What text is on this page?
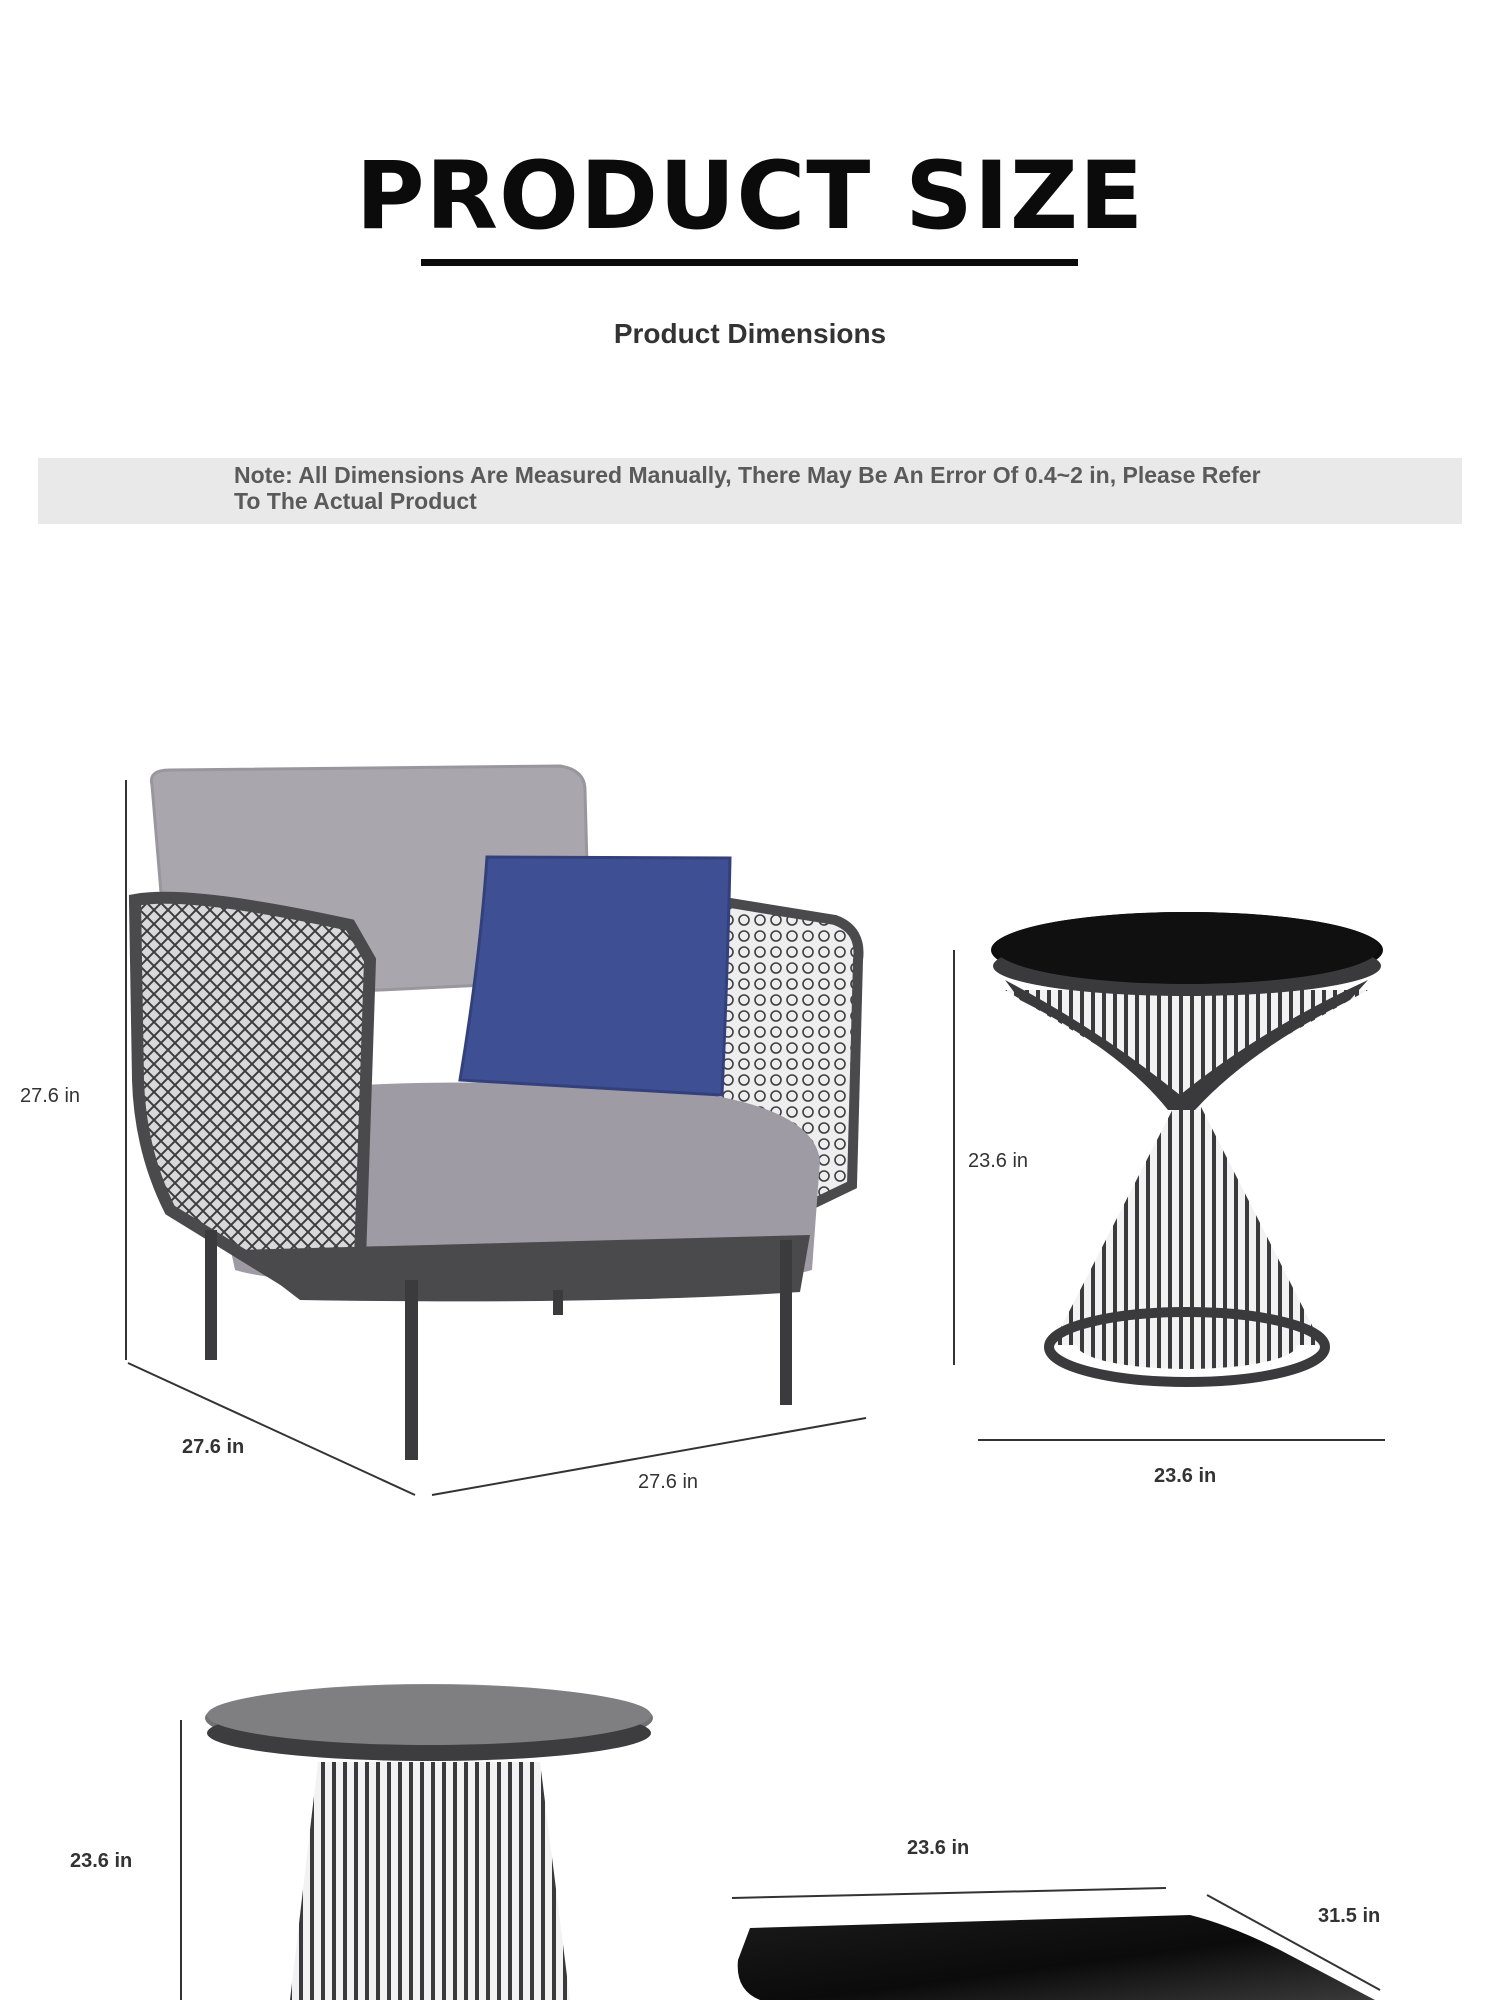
PRODUCT SIZE
Product Dimensions
Note: All Dimensions Are Measured Manually, There May Be An Error Of 0.4~2 in, Please Refer To The Actual Product
27.6 in
27.6 in
27.6 in
23.6 in
23.6 in
23.6 in
23.6 in
31.5 in
